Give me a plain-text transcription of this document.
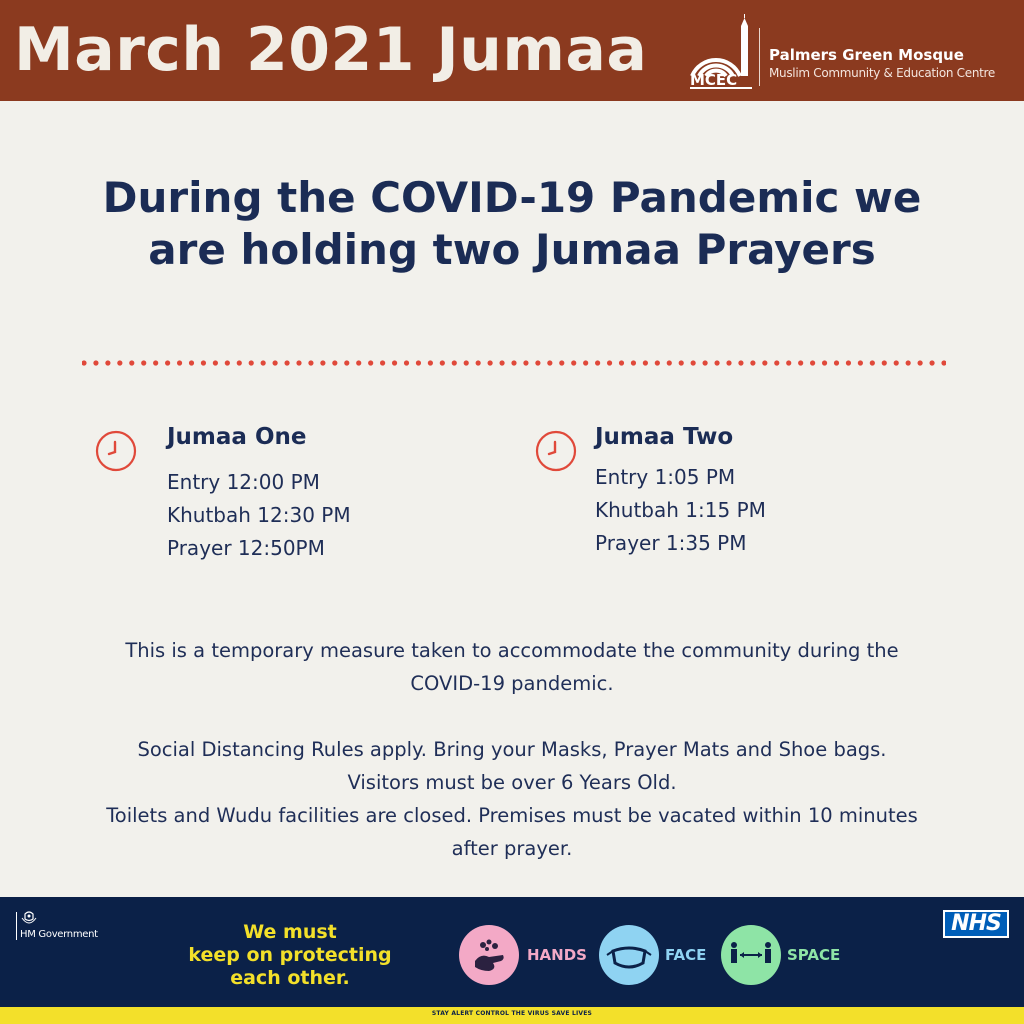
March 2021 Jumaa	MCEC
Palmers Green Mosque
Muslim Community & Education Centre
During the COVID-19 Pandemic we
are holding two Jumaa Prayers
Jumaa One
Entry 12:00 PM
Khutbah 12:30 PM
Prayer 12:50PM
Jumaa Two
Entry 1:05 PM
Khutbah 1:15 PM
Prayer 1:35 PM
This is a temporary measure taken to accommodate the community during the
COVID-19 pandemic.
Social Distancing Rules apply. Bring your Masks, Prayer Mats and Shoe bags.
Visitors must be over 6 Years Old.
Toilets and Wudu facilities are closed. Premises must be vacated within 10 minutes
after prayer.
HM Government	We must
keep on protecting
each other.
HANDS	FACE	SPACE
NHS
STAY ALERT CONTROL THE VIRUS SAVE LIVES
